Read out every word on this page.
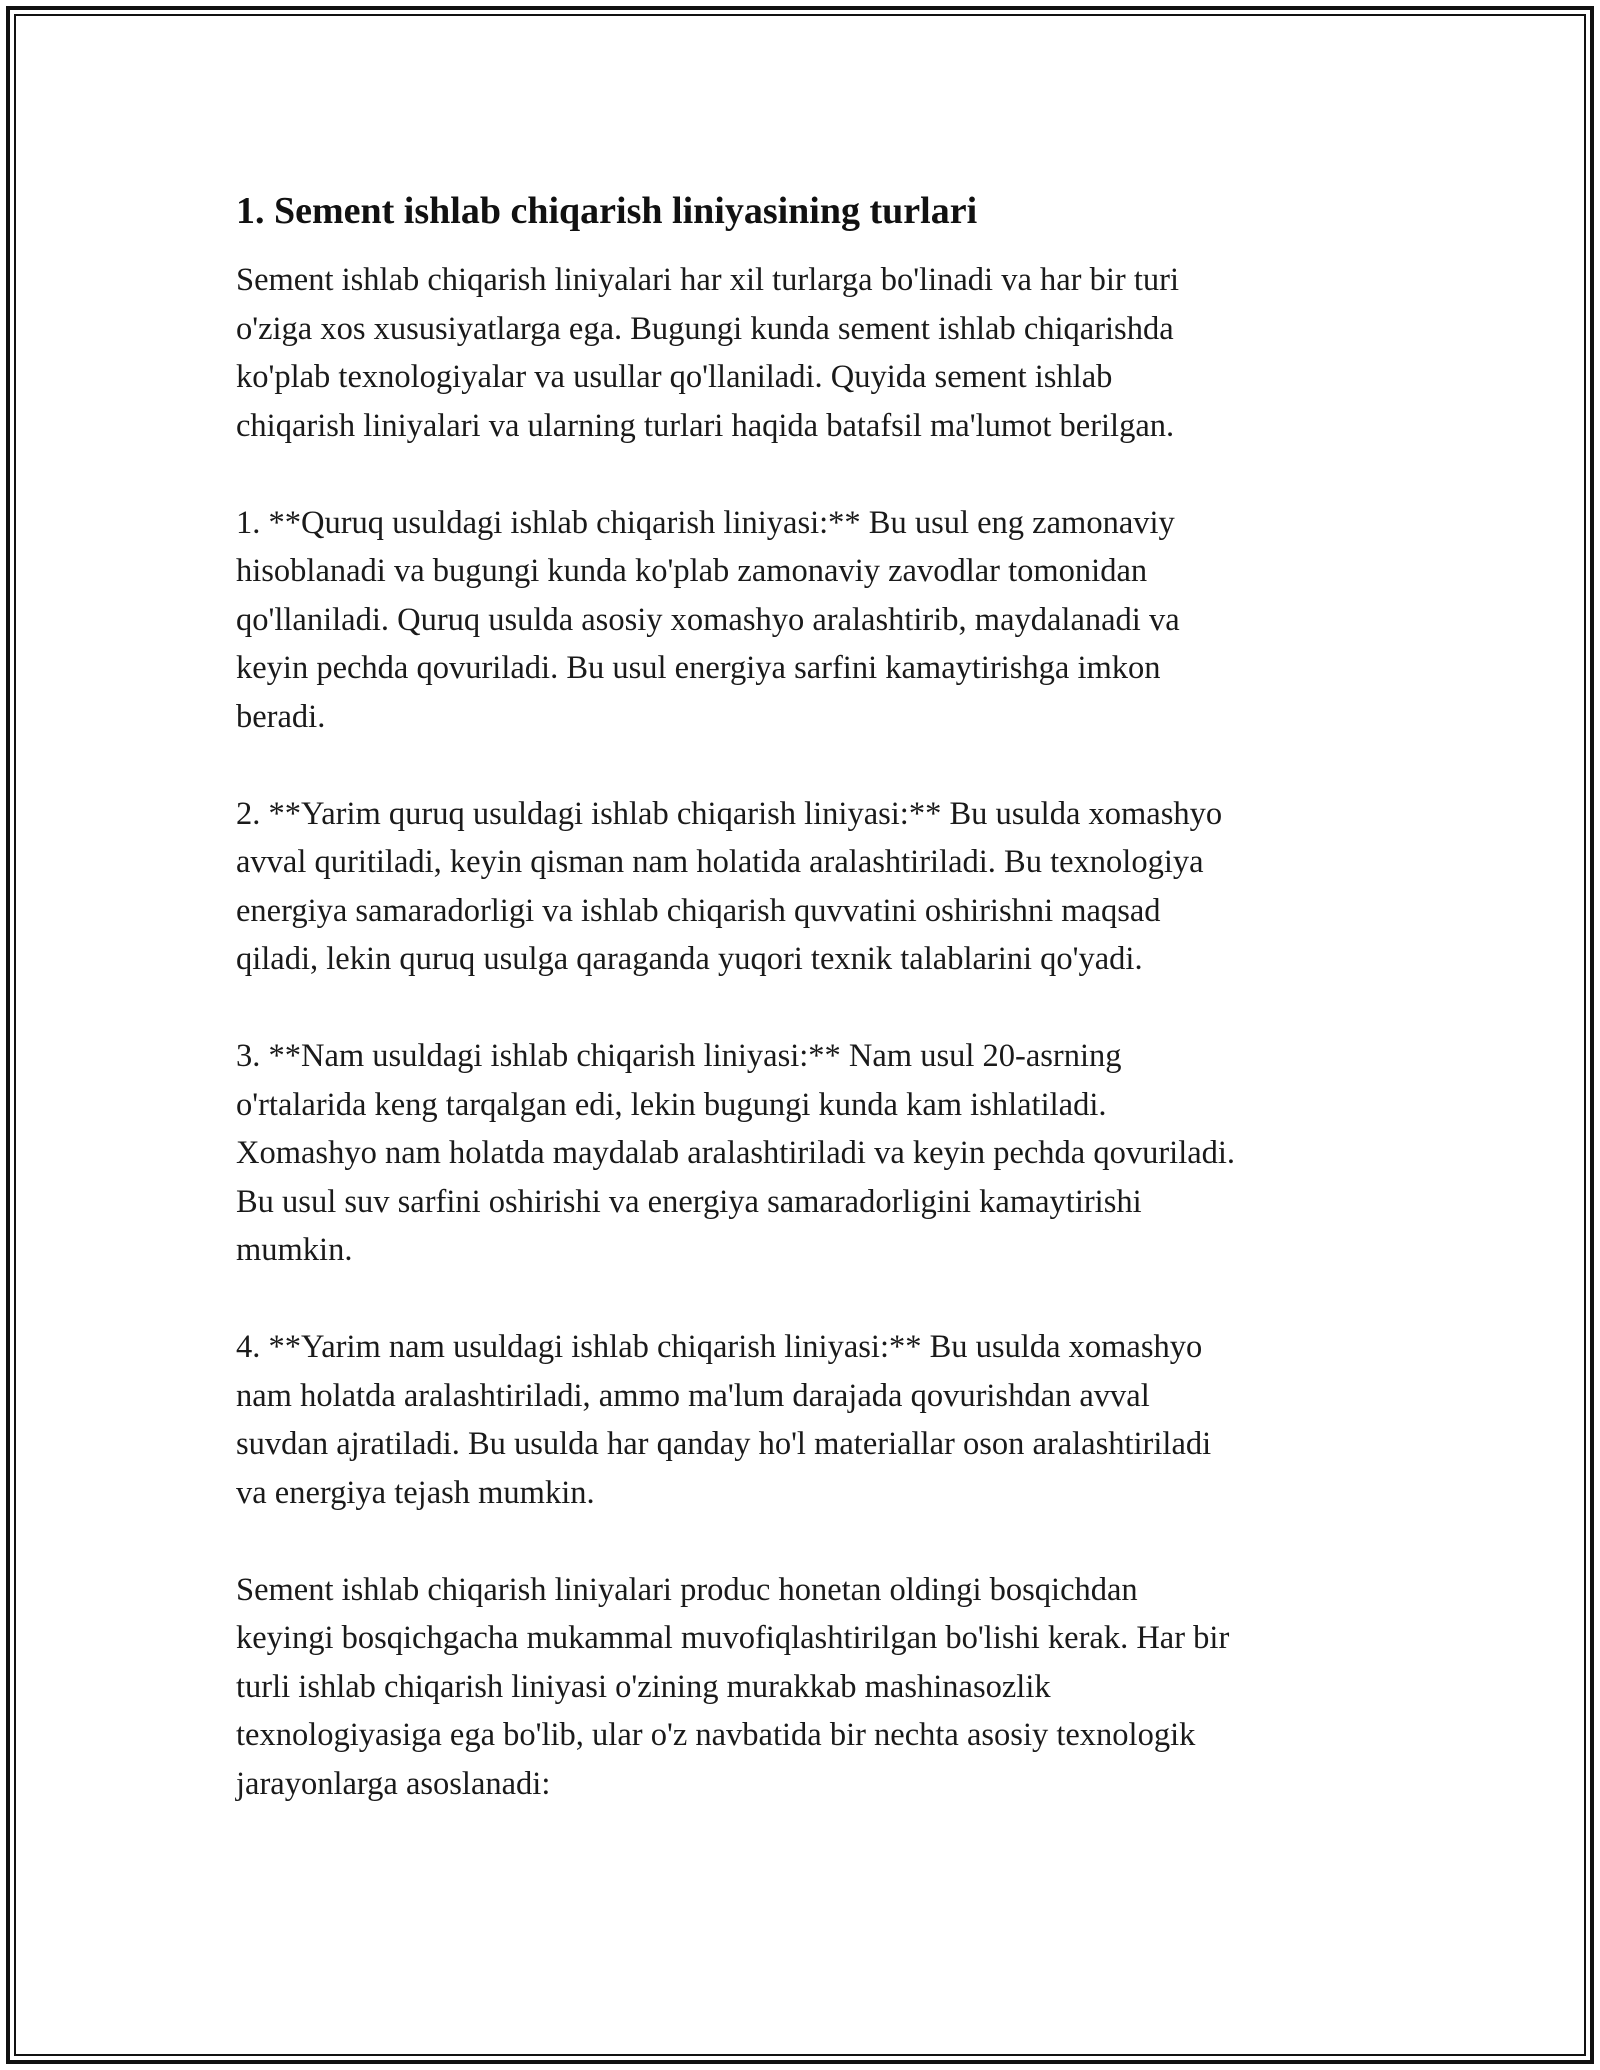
1. Sement ishlab chiqarish liniyasining turlari
Sement ishlab chiqarish liniyalari har xil turlarga bo'linadi va har bir turi
o'ziga xos xususiyatlarga ega. Bugungi kunda sement ishlab chiqarishda
ko'plab texnologiyalar va usullar qo'llaniladi. Quyida sement ishlab
chiqarish liniyalari va ularning turlari haqida batafsil ma'lumot berilgan.
1. **Quruq usuldagi ishlab chiqarish liniyasi:** Bu usul eng zamonaviy
hisoblanadi va bugungi kunda ko'plab zamonaviy zavodlar tomonidan
qo'llaniladi. Quruq usulda asosiy xomashyo aralashtirib, maydalanadi va
keyin pechda qovuriladi. Bu usul energiya sarfini kamaytirishga imkon
beradi.
2. **Yarim quruq usuldagi ishlab chiqarish liniyasi:** Bu usulda xomashyo
avval quritiladi, keyin qisman nam holatida aralashtiriladi. Bu texnologiya
energiya samaradorligi va ishlab chiqarish quvvatini oshirishni maqsad
qiladi, lekin quruq usulga qaraganda yuqori texnik talablarini qo'yadi.
3. **Nam usuldagi ishlab chiqarish liniyasi:** Nam usul 20-asrning
o'rtalarida keng tarqalgan edi, lekin bugungi kunda kam ishlatiladi.
Xomashyo nam holatda maydalab aralashtiriladi va keyin pechda qovuriladi.
Bu usul suv sarfini oshirishi va energiya samaradorligini kamaytirishi
mumkin.
4. **Yarim nam usuldagi ishlab chiqarish liniyasi:** Bu usulda xomashyo
nam holatda aralashtiriladi, ammo ma'lum darajada qovurishdan avval
suvdan ajratiladi. Bu usulda har qanday ho'l materiallar oson aralashtiriladi
va energiya tejash mumkin.
Sement ishlab chiqarish liniyalari produc honetan oldingi bosqichdan
keyingi bosqichgacha mukammal muvofiqlashtirilgan bo'lishi kerak. Har bir
turli ishlab chiqarish liniyasi o'zining murakkab mashinasozlik
texnologiyasiga ega bo'lib, ular o'z navbatida bir nechta asosiy texnologik
jarayonlarga asoslanadi:
